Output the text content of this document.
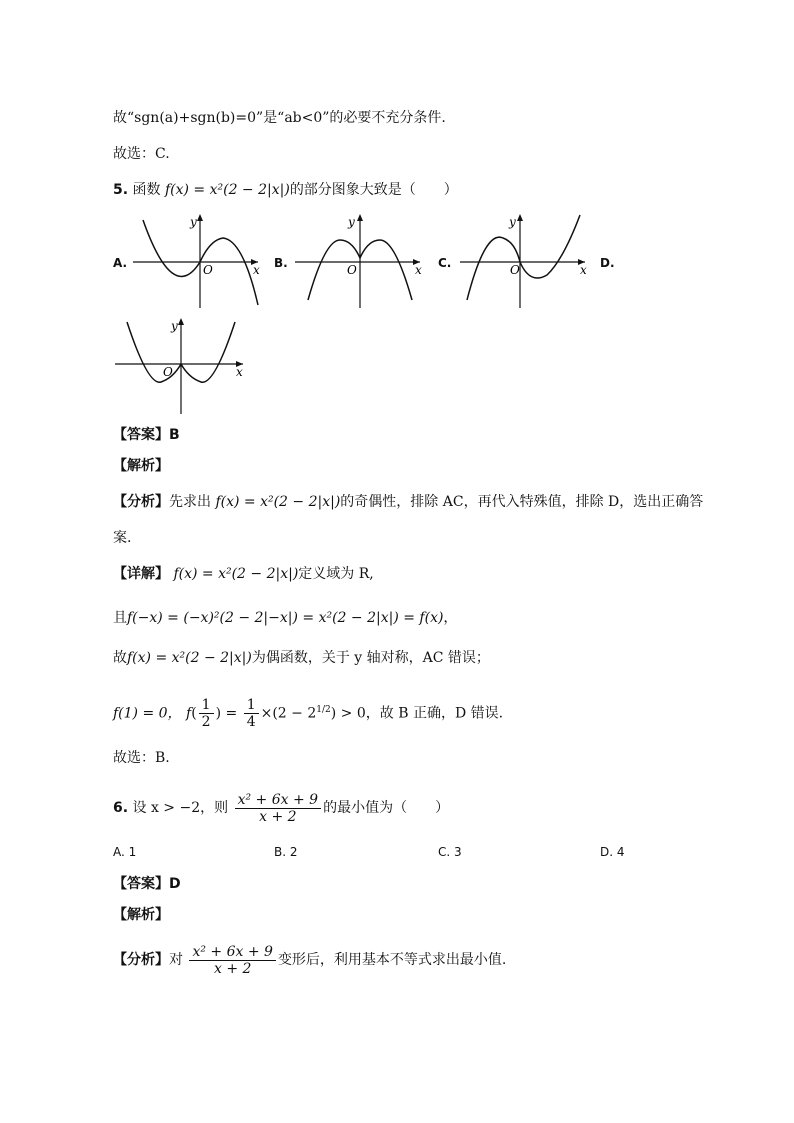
故“sgn(a)+sgn(b)=0”是“ab<0”的必要不充分条件.
故选：C.
5. 函数 f(x) = x²(2 − 2|x|)的部分图象大致是（　　）
A.	B.	C.	D.
y
x
O
y
x
O
y
x
O
y
x
O
【答案】B
【解析】
【分析】先求出 f(x) = x²(2 − 2|x|)的奇偶性，排除 AC，再代入特殊值，排除 D，选出正确答
案.
【详解】 f(x) = x²(2 − 2|x|)定义域为 R,
且f(−x) = (−x)²(2 − 2|−x|) = x²(2 − 2|x|) = f(x)，
故f(x) = x²(2 − 2|x|)为偶函数，关于 y 轴对称，AC 错误；
f(1) = 0， $f( \frac{1}{2}$ ) = $\frac{1}{4} \times(2 - 2^{1/2}) > 0$，故 B 正确，D 错误.
故选：B.
6. 设 x > −2，则 $\frac{\text{x² + 6x + 9}}{x + 2}$ 的最小值为（　　）
A. 1	B. 2	C. 3	D. 4
【答案】D
【解析】
【分析】对 $\frac{\text{x² + 6x + 9}}{x + 2}$ 变形后，利用基本不等式求出最小值.
